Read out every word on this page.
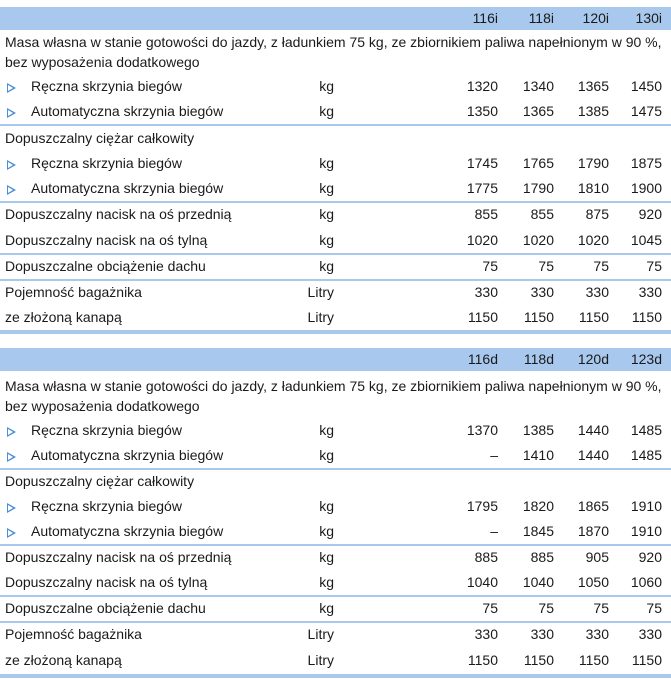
116i	118i	120i	130i
Masa własna w stanie gotowości do jazdy, z ładunkiem 75 kg, ze zbiornikiem paliwa napełnionym w 90 %, bez wyposażenia dodatkowego
Ręczna skrzynia biegów	kg	1320	1340	1365	1450
Automatyczna skrzynia biegów	kg	1350	1365	1385	1475
Dopuszczalny ciężar całkowity
Ręczna skrzynia biegów	kg	1745	1765	1790	1875
Automatyczna skrzynia biegów	kg	1775	1790	1810	1900
Dopuszczalny nacisk na oś przednią	kg	855	855	875	920
Dopuszczalny nacisk na oś tylną	kg	1020	1020	1020	1045
Dopuszczalne obciążenie dachu	kg	75	75	75	75
Pojemność bagażnika	Litry	330	330	330	330
ze złożoną kanapą	Litry	1150	1150	1150	1150
116d	118d	120d	123d
Masa własna w stanie gotowości do jazdy, z ładunkiem 75 kg, ze zbiornikiem paliwa napełnionym w 90 %, bez wyposażenia dodatkowego
Ręczna skrzynia biegów	kg	1370	1385	1440	1485
Automatyczna skrzynia biegów	kg	–	1410	1440	1485
Dopuszczalny ciężar całkowity
Ręczna skrzynia biegów	kg	1795	1820	1865	1910
Automatyczna skrzynia biegów	kg	–	1845	1870	1910
Dopuszczalny nacisk na oś przednią	kg	885	885	905	920
Dopuszczalny nacisk na oś tylną	kg	1040	1040	1050	1060
Dopuszczalne obciążenie dachu	kg	75	75	75	75
Pojemność bagażnika	Litry	330	330	330	330
ze złożoną kanapą	Litry	1150	1150	1150	1150
